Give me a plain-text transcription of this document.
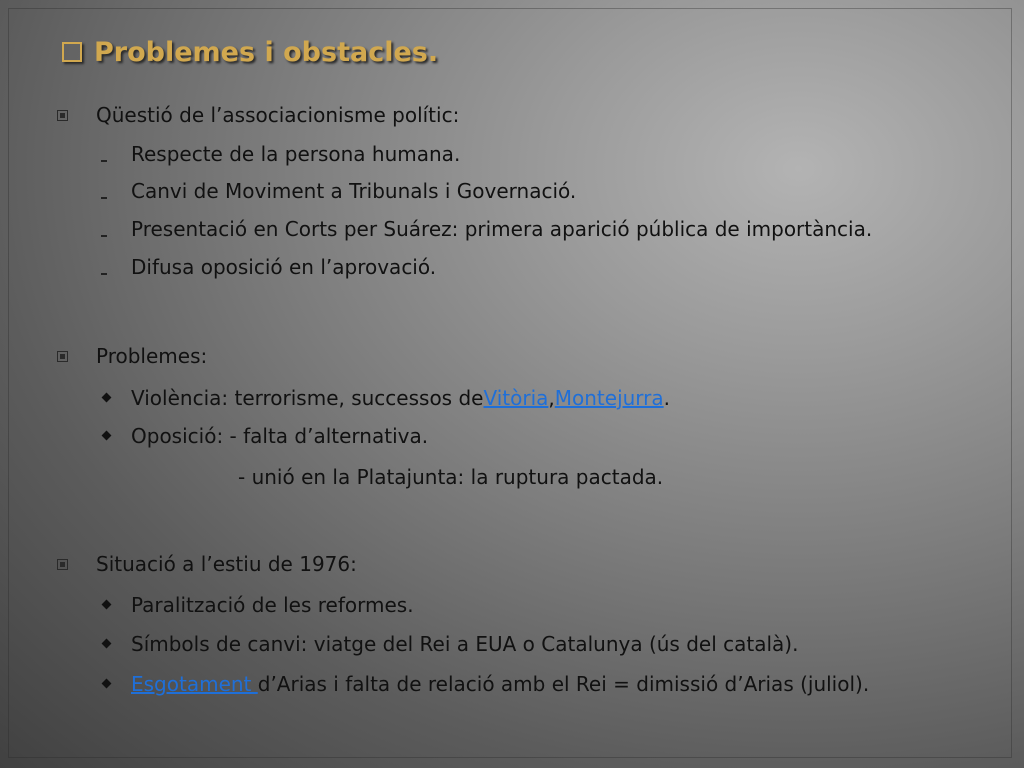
Problemes i obstacles.
Qüestió de l’associacionisme polític:
Respecte de la persona humana.
Canvi de Moviment a Tribunals i Governació.
Presentació en Corts per Suárez: primera aparició pública de importància.
Difusa oposició en l’aprovació.
Problemes:
Violència: terrorisme, successos de Vitòria , Montejurra .
Oposició: - falta d’alternativa.
- unió en la Platajunta: la ruptura pactada.
Situació a l’estiu de 1976:
Paralització de les reformes.
Símbols de canvi: viatge del Rei a EUA o Catalunya (ús del català).
Esgotament d’Arias i falta de relació amb el Rei = dimissió d’Arias (juliol).
